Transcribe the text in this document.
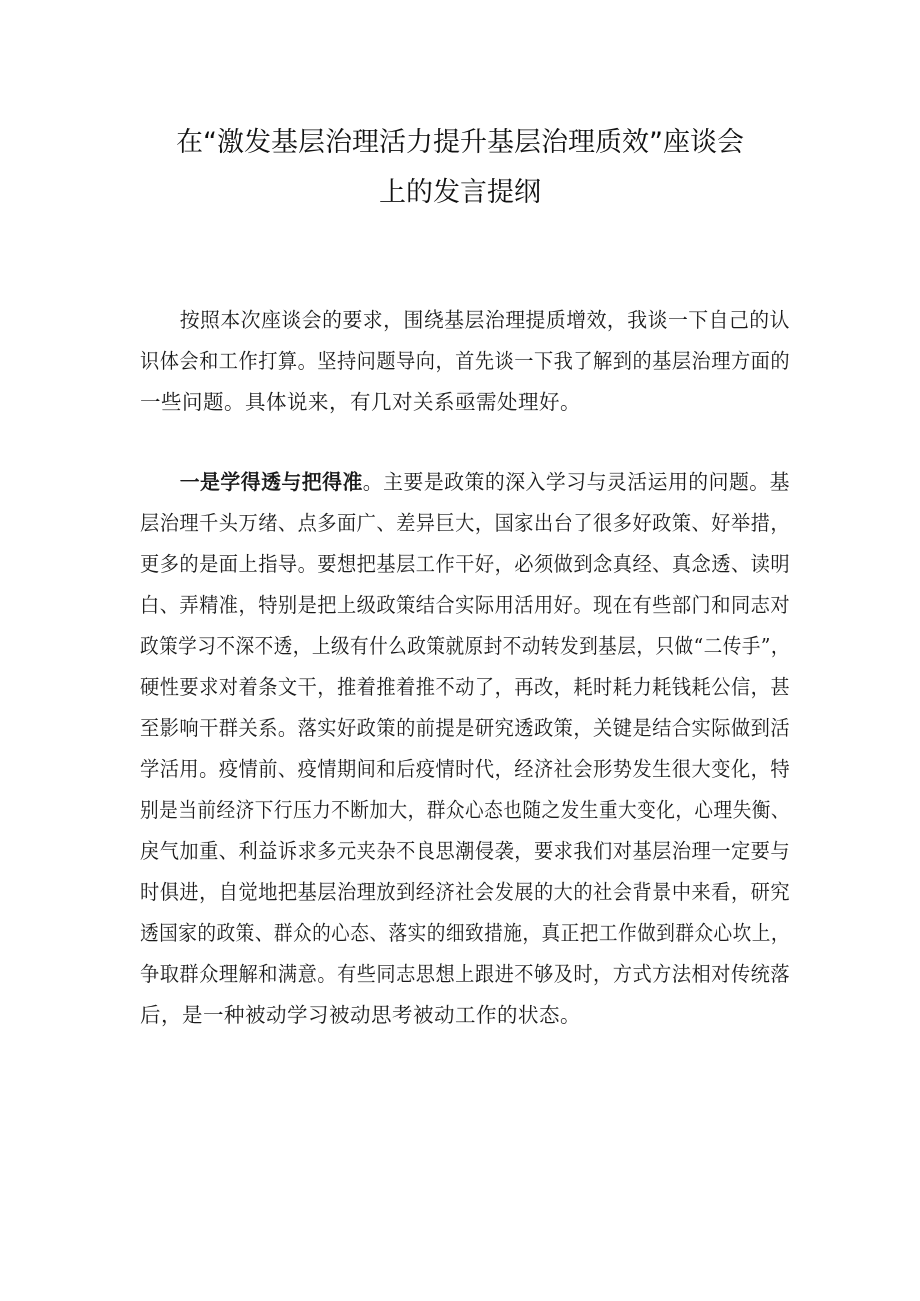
在“激发基层治理活力提升基层治理质效”座谈会
上的发言提纲
按照本次座谈会的要求，围绕基层治理提质增效，我谈一下自己的认
识体会和工作打算。坚持问题导向，首先谈一下我了解到的基层治理方面的
一些问题。具体说来，有几对关系亟需处理好。
一是学得透与把得准。主要是政策的深入学习与灵活运用的问题。基
层治理千头万绪、点多面广、差异巨大，国家出台了很多好政策、好举措，
更多的是面上指导。要想把基层工作干好，必须做到念真经、真念透、读明
白、弄精准，特别是把上级政策结合实际用活用好。现在有些部门和同志对
政策学习不深不透，上级有什么政策就原封不动转发到基层，只做“二传手”，
硬性要求对着条文干，推着推着推不动了，再改，耗时耗力耗钱耗公信，甚
至影响干群关系。落实好政策的前提是研究透政策，关键是结合实际做到活
学活用。疫情前、疫情期间和后疫情时代，经济社会形势发生很大变化，特
别是当前经济下行压力不断加大，群众心态也随之发生重大变化，心理失衡、
戾气加重、利益诉求多元夹杂不良思潮侵袭，要求我们对基层治理一定要与
时俱进，自觉地把基层治理放到经济社会发展的大的社会背景中来看，研究
透国家的政策、群众的心态、落实的细致措施，真正把工作做到群众心坎上，
争取群众理解和满意。有些同志思想上跟进不够及时，方式方法相对传统落
后，是一种被动学习被动思考被动工作的状态。
